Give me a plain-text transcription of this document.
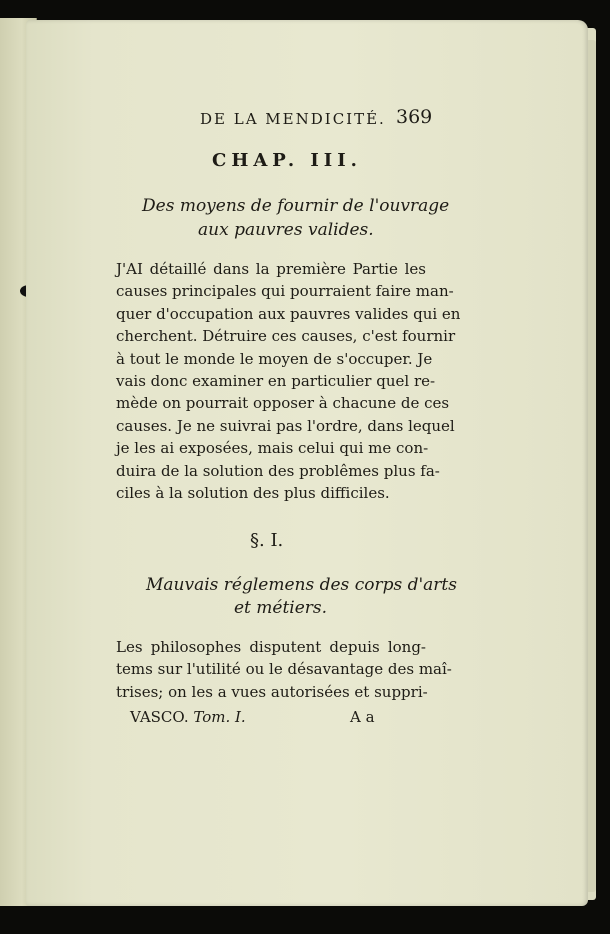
DE LA MENDICITÉ. 369
CHAP. III.
Des moyens de fournir de l'ouvrage
aux pauvres valides.
J'AI détaillé dans la première Partie les
causes principales qui pourraient faire man-
quer d'occupation aux pauvres valides qui en
cherchent. Détruire ces causes, c'est fournir
à tout le monde le moyen de s'occuper. Je
vais donc examiner en particulier quel re-
mède on pourrait opposer à chacune de ces
causes. Je ne suivrai pas l'ordre, dans lequel
je les ai exposées, mais celui qui me con-
duira de la solution des problêmes plus fa-
ciles à la solution des plus difficiles.
§. I.
Mauvais réglemens des corps d'arts
et métiers.
Les philosophes disputent depuis long-
tems sur l'utilité ou le désavantage des maî-
trises; on les a vues autorisées et suppri-
VASCO. Tom. I.	A a
